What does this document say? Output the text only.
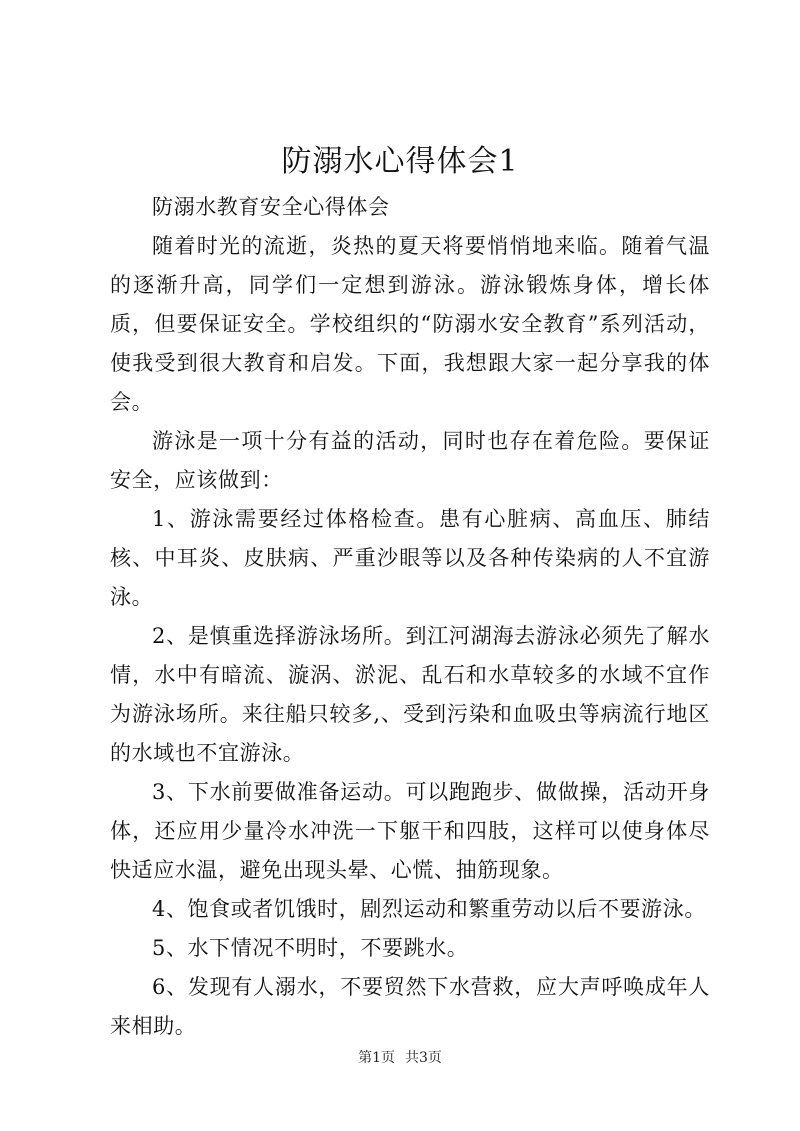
防溺水心得体会1

防溺水教育安全心得体会

随着时光的流逝，炎热的夏天将要悄悄地来临。随着气温的逐渐升高，同学们一定想到游泳。游泳锻炼身体，增长体质，但要保证安全。学校组织的“防溺水安全教育”系列活动，使我受到很大教育和启发。下面，我想跟大家一起分享我的体会。

游泳是一项十分有益的活动，同时也存在着危险。要保证安全，应该做到：

1、游泳需要经过体格检查。患有心脏病、高血压、肺结核、中耳炎、皮肤病、严重沙眼等以及各种传染病的人不宜游泳。

2、是慎重选择游泳场所。到江河湖海去游泳必须先了解水情，水中有暗流、漩涡、淤泥、乱石和水草较多的水域不宜作为游泳场所。来往船只较多,、受到污染和血吸虫等病流行地区的水域也不宜游泳。

3、下水前要做准备运动。可以跑跑步、做做操，活动开身体，还应用少量冷水冲洗一下躯干和四肢，这样可以使身体尽快适应水温，避免出现头晕、心慌、抽筋现象。

4、饱食或者饥饿时，剧烈运动和繁重劳动以后不要游泳。

5、水下情况不明时，不要跳水。

6、发现有人溺水，不要贸然下水营救，应大声呼唤成年人来相助。

第1页 共3页
